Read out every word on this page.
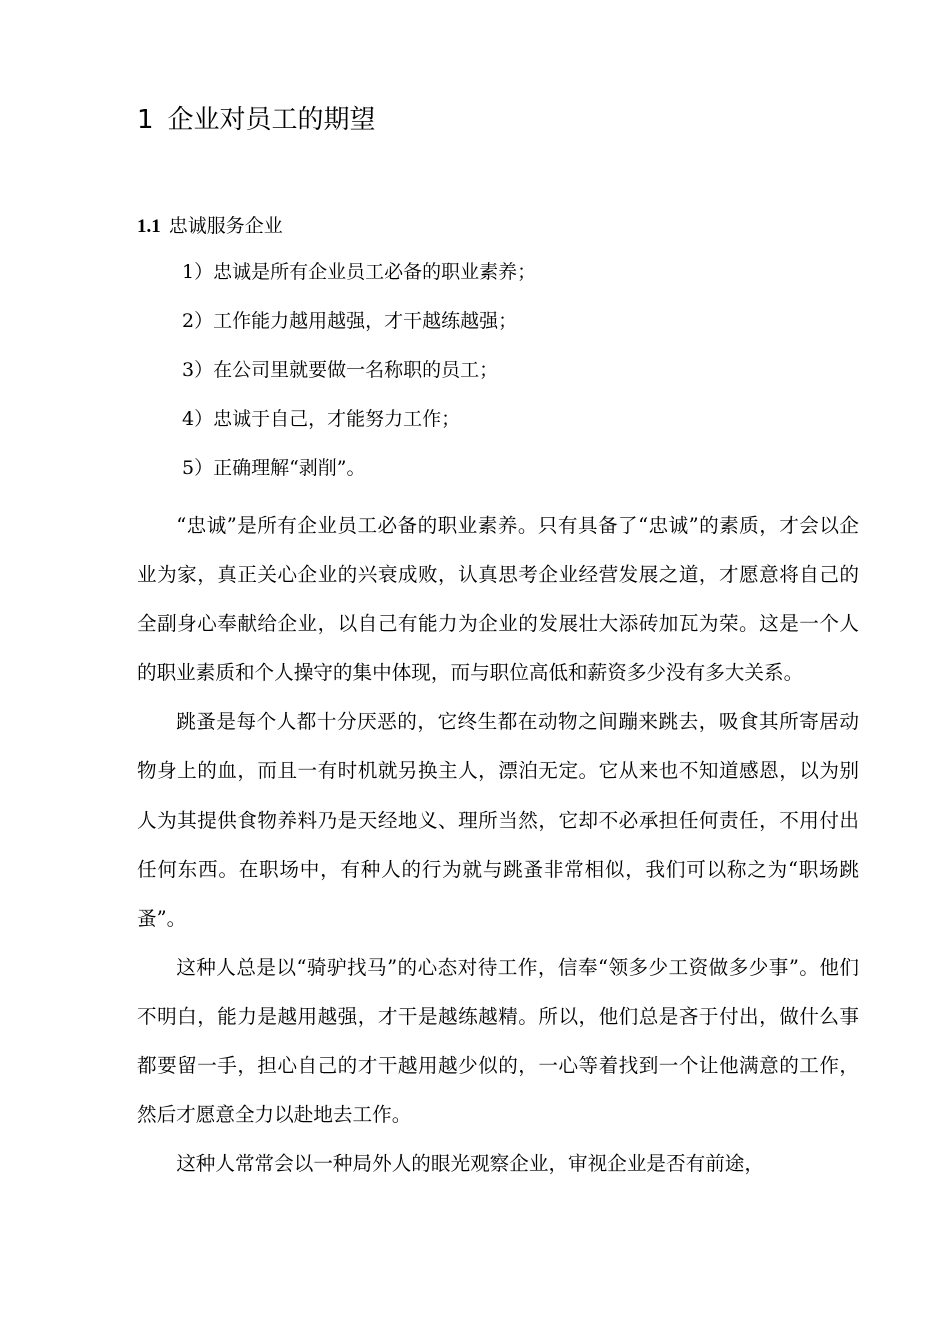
1 企业对员工的期望
1.1 忠诚服务企业
1）忠诚是所有企业员工必备的职业素养；
2）工作能力越用越强，才干越练越强；
3）在公司里就要做一名称职的员工；
4）忠诚于自己，才能努力工作；
5）正确理解“剥削”。

“忠诚”是所有企业员工必备的职业素养。只有具备了“忠诚”的素质，才会以企业为家，真正关心企业的兴衰成败，认真思考企业经营发展之道，才愿意将自己的全副身心奉献给企业，以自己有能力为企业的发展壮大添砖加瓦为荣。这是一个人的职业素质和个人操守的集中体现，而与职位高低和薪资多少没有多大关系。

跳蚤是每个人都十分厌恶的，它终生都在动物之间蹦来跳去，吸食其所寄居动物身上的血，而且一有时机就另换主人，漂泊无定。它从来也不知道感恩，以为别人为其提供食物养料乃是天经地义、理所当然，它却不必承担任何责任，不用付出任何东西。在职场中，有种人的行为就与跳蚤非常相似，我们可以称之为“职场跳蚤”。

这种人总是以“骑驴找马”的心态对待工作，信奉“领多少工资做多少事”。他们不明白，能力是越用越强，才干是越练越精。所以，他们总是吝于付出，做什么事都要留一手，担心自己的才干越用越少似的，一心等着找到一个让他满意的工作，然后才愿意全力以赴地去工作。

这种人常常会以一种局外人的眼光观察企业，审视企业是否有前途，
